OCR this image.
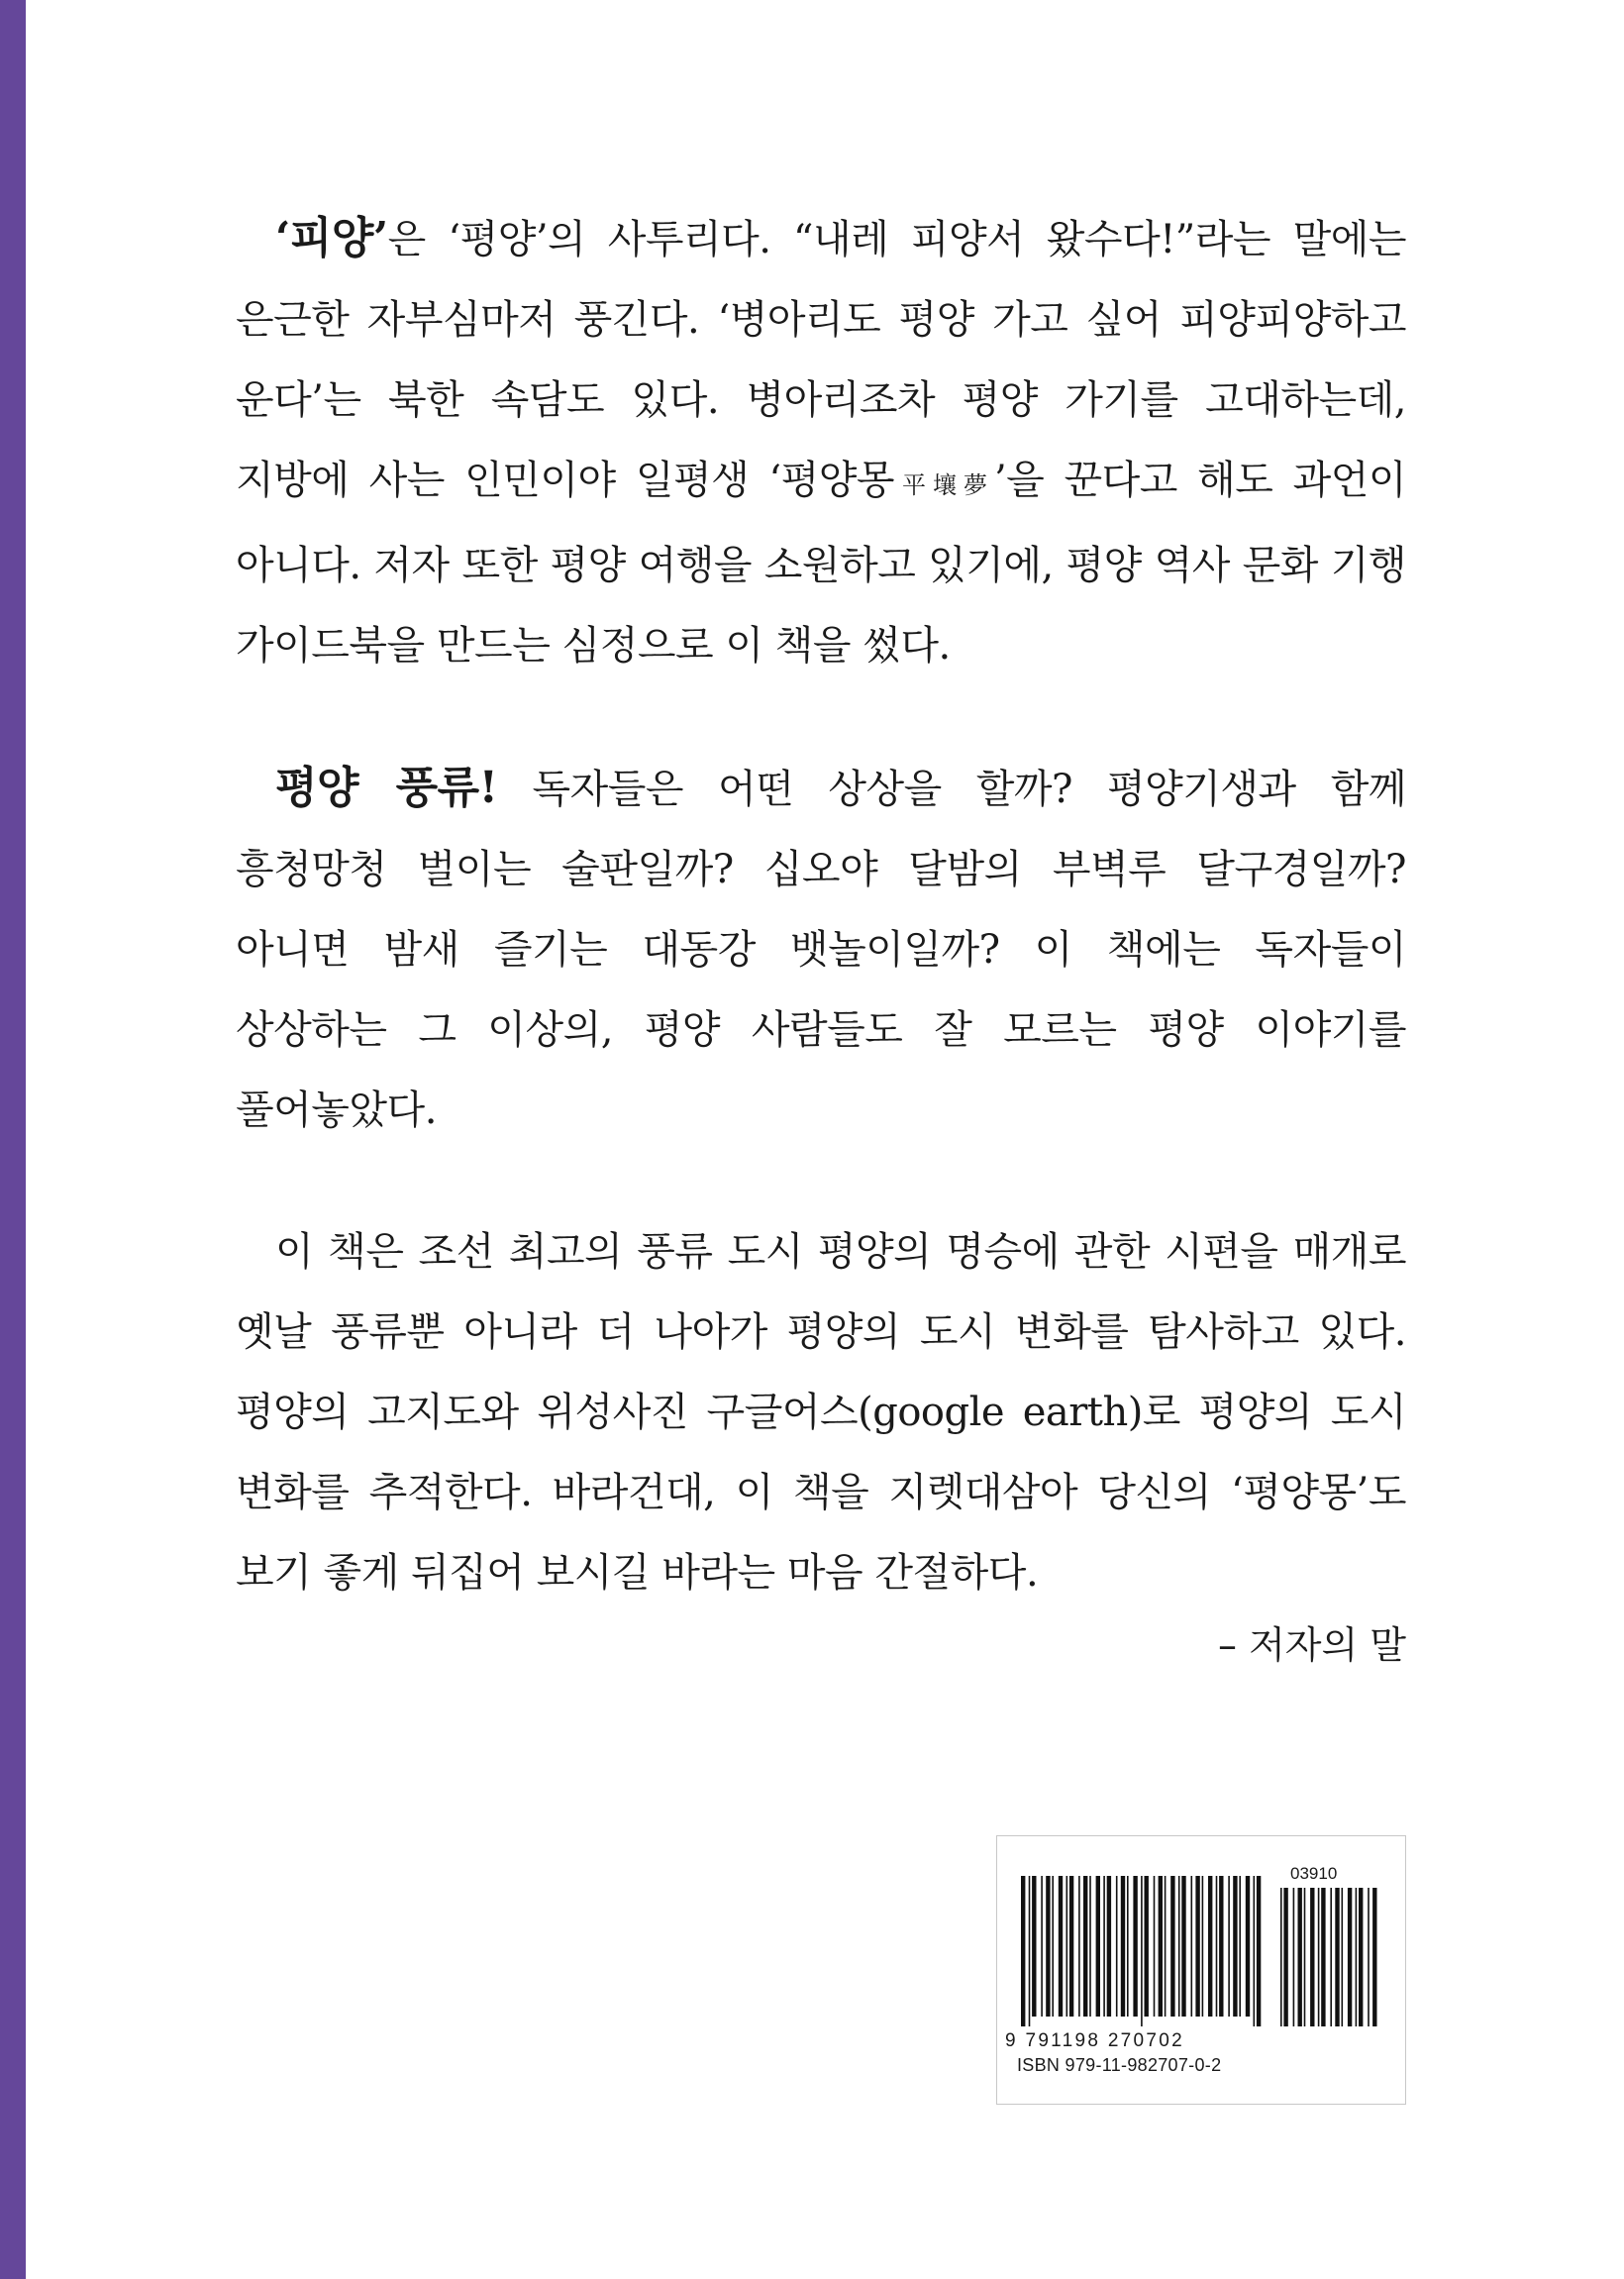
‘피양’은 ‘평양’의 사투리다. “내레 피양서 왔수다!”라는 말에는 은근한 자부심마저 풍긴다. ‘병아리도 평양 가고 싶어 피양피양하고 운다’는 북한 속담도 있다. 병아리조차 평양 가기를 고대하는데, 지방에 사는 인민이야 일평생 ‘평양몽平壤夢’을 꾼다고 해도 과언이 아니다. 저자 또한 평양 여행을 소원하고 있기에, 평양 역사 문화 기행 가이드북을 만드는 심정으로 이 책을 썼다.

평양 풍류! 독자들은 어떤 상상을 할까? 평양기생과 함께 흥청망청 벌이는 술판일까? 십오야 달밤의 부벽루 달구경일까? 아니면 밤새 즐기는 대동강 뱃놀이일까? 이 책에는 독자들이 상상하는 그 이상의, 평양 사람들도 잘 모르는 평양 이야기를 풀어놓았다.

이 책은 조선 최고의 풍류 도시 평양의 명승에 관한 시편을 매개로 옛날 풍류뿐 아니라 더 나아가 평양의 도시 변화를 탐사하고 있다. 평양의 고지도와 위성사진 구글어스(google earth)로 평양의 도시 변화를 추적한다. 바라건대, 이 책을 지렛대삼아 당신의 ‘평양몽’도 보기 좋게 뒤집어 보시길 바라는 마음 간절하다.

– 저자의 말
03910
9 791198 270702
ISBN 979-11-982707-0-2
